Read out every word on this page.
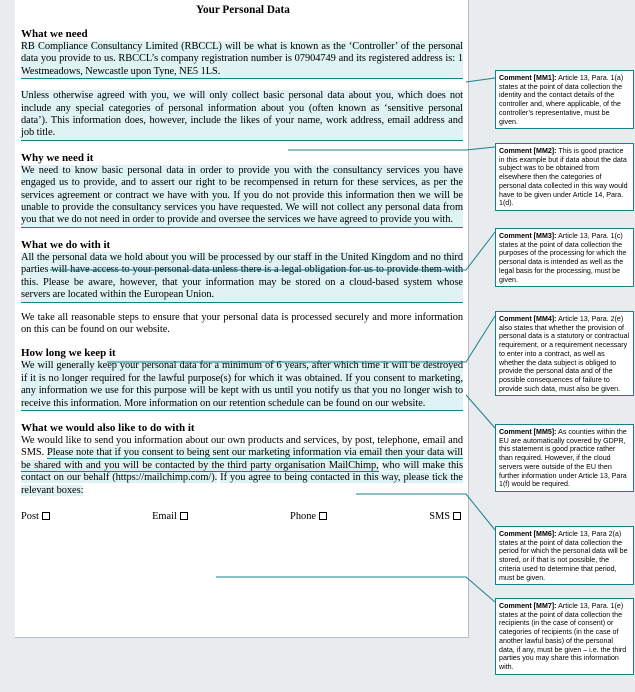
Your Personal Data
What we need
RB Compliance Consultancy Limited (RBCCL) will be what is known as the ‘Controller’ of the personal data you provide to us. RBCCL’s company registration number is 07904749 and its registered address is: 1 Westmeadows, Newcastle upon Tyne, NE5 1LS.
Unless otherwise agreed with you, we will only collect basic personal data about you, which does not include any special categories of personal information about you (often known as ‘sensitive personal data’). This information does, however, include the likes of your name, work address, email address and job title.
Why we need it
We need to know basic personal data in order to provide you with the consultancy services you have engaged us to provide, and to assert our right to be recompensed in return for these services, as per the services agreement or contract we have with you. If you do not provide this information then we will be unable to provide the consultancy services you have requested. We will not collect any personal data from you that we do not need in order to provide and oversee the services we have agreed to provide you with.
What we do with it
All the personal data we hold about you will be processed by our staff in the United Kingdom and no third parties will have access to your personal data unless there is a legal obligation for us to provide them with this. Please be aware, however, that your information may be stored on a cloud-based system whose servers are located within the European Union.
We take all reasonable steps to ensure that your personal data is processed securely and more information on this can be found on our website.
How long we keep it
We will generally keep your personal data for a minimum of 6 years, after which time it will be destroyed if it is no longer required for the lawful purpose(s) for which it was obtained. If you consent to marketing, any information we use for this purpose will be kept with us until you notify us that you no longer wish to receive this information. More information on our retention schedule can be found on our website.
What we would also like to do with it
We would like to send you information about our own products and services, by post, telephone, email and SMS. Please note that if you consent to being sent our marketing information via email then your data will be shared with and you will be contacted by the third party organisation MailChimp, who will make this contact on our behalf (https://mailchimp.com/). If you agree to being contacted in this way, please tick the relevant boxes:
Post	Email	Phone	SMS
Comment [MM1]: Article 13, Para. 1(a) states at the point of data collection the identity and the contact details of the controller and, where applicable, of the controller’s representative, must be given.
Comment [MM2]: This is good practice in this example but if data about the data subject was to be obtained from elsewhere then the categories of personal data collected in this way would have to be given under Article 14, Para. 1(d).
Comment [MM3]: Article 13, Para. 1(c) states at the point of data collection the purposes of the processing for which the personal data is intended as well as the legal basis for the processing, must be given.
Comment [MM4]: Article 13, Para. 2(e) also states that whether the provision of personal data is a statutory or contractual requirement, or a requirement necessary to enter into a contract, as well as whether the data subject is obliged to provide the personal data and of the possible consequences of failure to provide such data, must also be given.
Comment [MM5]: As counties within the EU are automatically covered by GDPR, this statement is good practice rather than required. However, if the cloud servers were outside of the EU then further information under Article 13, Para 1(f) would be required.
Comment [MM6]: Article 13, Para 2(a) states at the point of data collection the period for which the personal data will be stored, or if that is not possible, the criteria used to determine that period, must be given.
Comment [MM7]: Article 13, Para. 1(e) states at the point of data collection the recipients (in the case of consent) or categories of recipients (in the case of another lawful basis) of the personal data, if any, must be given – i.e. the third parties you may share this information with.
